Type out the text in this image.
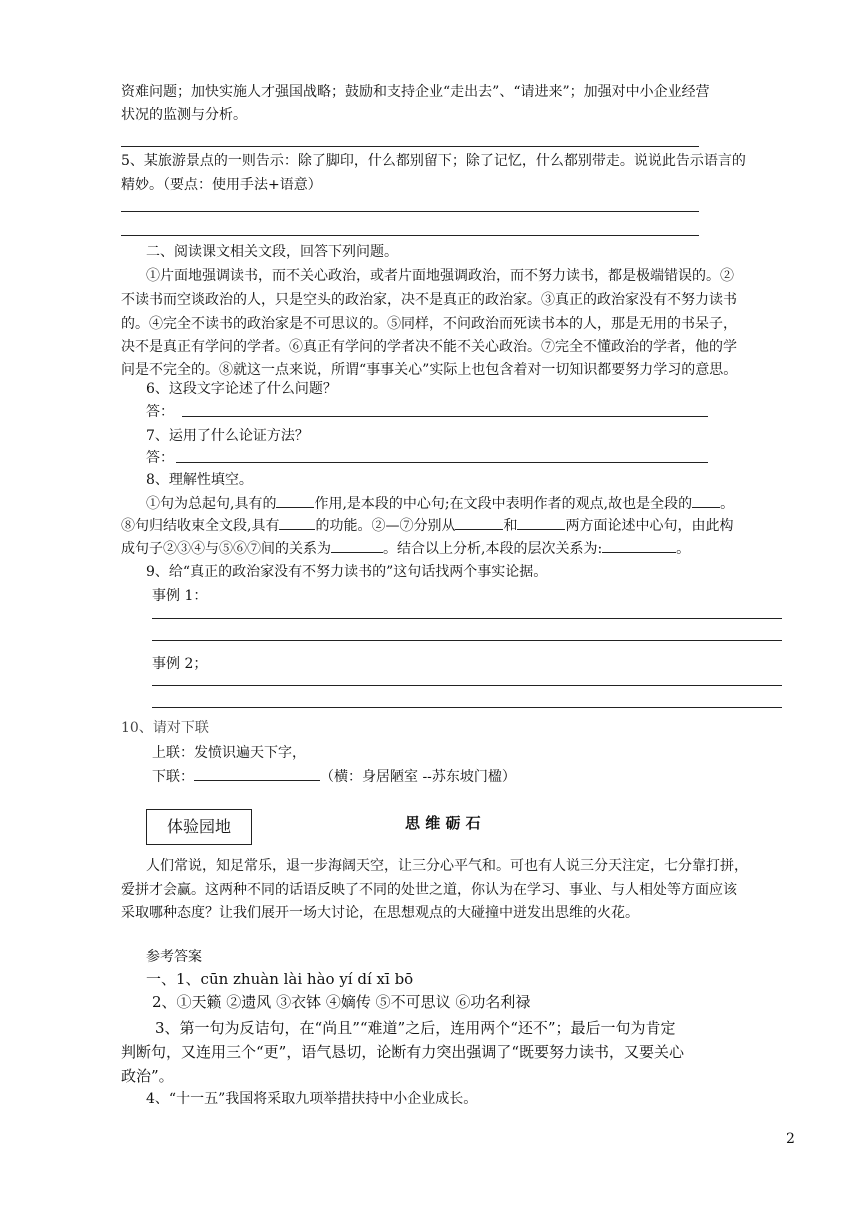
资难问题；加快实施人才强国战略；鼓励和支持企业“走出去”、“请进来”；加强对中小企业经营
状况的监测与分析。
5、某旅游景点的一则告示：除了脚印，什么都别留下；除了记忆，什么都别带走。说说此告示语言的
精妙。（要点：使用手法+语意）
二、阅读课文相关文段，回答下列问题。
①片面地强调读书，而不关心政治，或者片面地强调政治，而不努力读书，都是极端错误的。②
不读书而空谈政治的人，只是空头的政治家，决不是真正的政治家。③真正的政治家没有不努力读书
的。④完全不读书的政治家是不可思议的。⑤同样，不问政治而死读书本的人，那是无用的书呆子，
决不是真正有学问的学者。⑥真正有学问的学者决不能不关心政治。⑦完全不懂政治的学者，他的学
问是不完全的。⑧就这一点来说，所谓“事事关心”实际上也包含着对一切知识都要努力学习的意思。
6、这段文字论述了什么问题？
答：
7、运用了什么论证方法？
答：
8、理解性填空。
①句为总起句,具有的	作用,是本段的中心句;在文段中表明作者的观点,故也是全段的 。
⑧句归结收束全文段,具有	的功能。②—⑦分别从	和	两方面论述中心句，由此构
成句子②③④与⑤⑥⑦间的关系为	。结合以上分析,本段的层次关系为:	。
9、给“真正的政治家没有不努力读书的”这句话找两个事实论据。
事例 1：
事例 2；
10、请对下联
上联：发愤识遍天下字，
下联：	（横：身居陋室 --苏东坡门楹）
体验园地	思 维 砺 石
人们常说，知足常乐，退一步海阔天空，让三分心平气和。可也有人说三分天注定，七分靠打拼，
爱拼才会赢。这两种不同的话语反映了不同的处世之道，你认为在学习、事业、与人相处等方面应该
采取哪种态度？让我们展开一场大讨论，在思想观点的大碰撞中迸发出思维的火花。
参考答案
一、1、cūn zhuàn lài hào yí dí xī bō
2、①天籁 ②遗风 ③衣钵 ④嫡传 ⑤不可思议 ⑥功名利禄
3、第一句为反诘句，在“尚且”“难道”之后，连用两个“还不”；最后一句为肯定
判断句，又连用三个“更”，语气恳切，论断有力突出强调了“既要努力读书，又要关心
政治”。
4、“十一五”我国将采取九项举措扶持中小企业成长。
2
